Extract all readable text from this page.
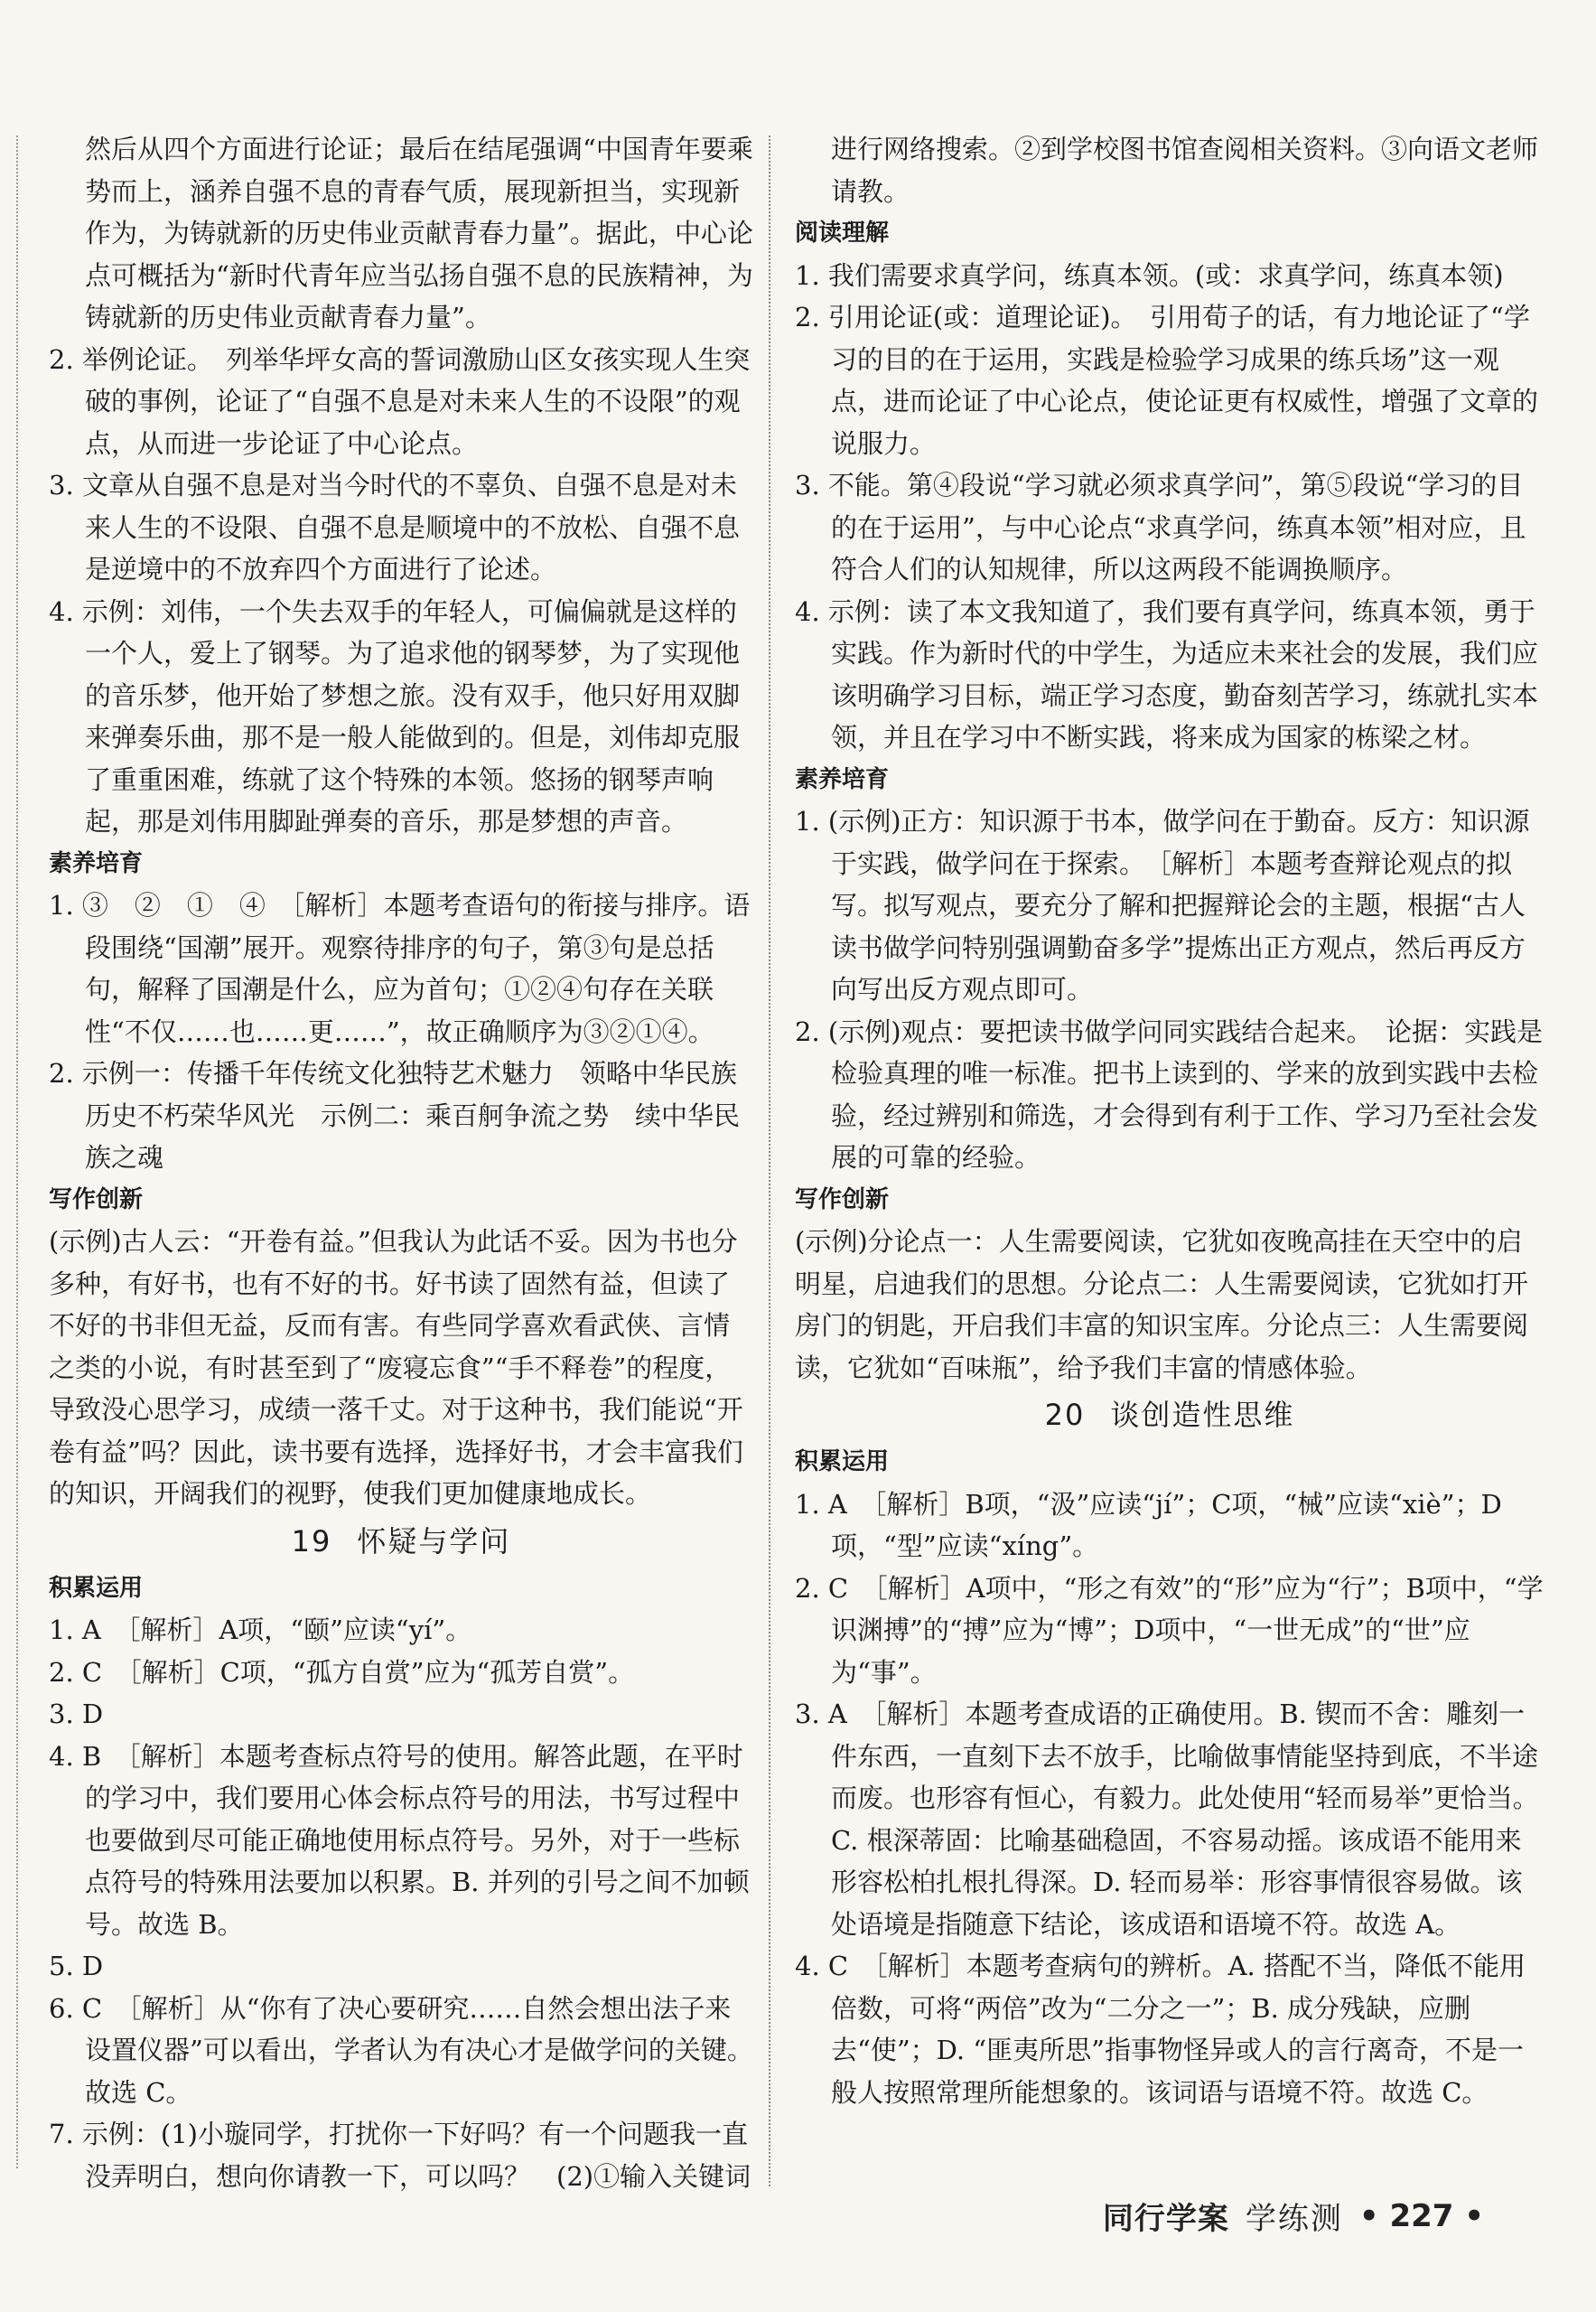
然后从四个方面进行论证；最后在结尾强调“中国青年要乘势而上，涵养自强不息的青春气质，展现新担当，实现新作为，为铸就新的历史伟业贡献青春力量”。据此，中心论点可概括为“新时代青年应当弘扬自强不息的民族精神，为铸就新的历史伟业贡献青春力量”。

2. 举例论证。　列举华坪女高的誓词激励山区女孩实现人生突破的事例，论证了“自强不息是对未来人生的不设限”的观点，从而进一步论证了中心论点。

3. 文章从自强不息是对当今时代的不辜负、自强不息是对未来人生的不设限、自强不息是顺境中的不放松、自强不息是逆境中的不放弃四个方面进行了论述。

4. 示例：刘伟，一个失去双手的年轻人，可偏偏就是这样的一个人，爱上了钢琴。为了追求他的钢琴梦，为了实现他的音乐梦，他开始了梦想之旅。没有双手，他只好用双脚来弹奏乐曲，那不是一般人能做到的。但是，刘伟却克服了重重困难，练就了这个特殊的本领。悠扬的钢琴声响起，那是刘伟用脚趾弹奏的音乐，那是梦想的声音。

素养培育

1. ③　②　①　④　［解析］本题考查语句的衔接与排序。语段围绕“国潮”展开。观察待排序的句子，第③句是总括句，解释了国潮是什么，应为首句；①②④句存在关联性“不仅……也……更……”，故正确顺序为③②①④。

2. 示例一：传播千年传统文化独特艺术魅力　领略中华民族历史不朽荣华风光　示例二：乘百舸争流之势　续中华民族之魂

写作创新

(示例)古人云：“开卷有益。”但我认为此话不妥。因为书也分多种，有好书，也有不好的书。好书读了固然有益，但读了不好的书非但无益，反而有害。有些同学喜欢看武侠、言情之类的小说，有时甚至到了“废寝忘食”“手不释卷”的程度，导致没心思学习，成绩一落千丈。对于这种书，我们能说“开卷有益”吗？因此，读书要有选择，选择好书，才会丰富我们的知识，开阔我们的视野，使我们更加健康地成长。

19 怀疑与学问

积累运用

1. A　［解析］A项，“颐”应读“yí”。

2. C　［解析］C项，“孤方自赏”应为“孤芳自赏”。

3. D

4. B　［解析］本题考查标点符号的使用。解答此题，在平时的学习中，我们要用心体会标点符号的用法，书写过程中也要做到尽可能正确地使用标点符号。另外，对于一些标点符号的特殊用法要加以积累。B. 并列的引号之间不加顿号。故选 B。

5. D

6. C　［解析］从“你有了决心要研究……自然会想出法子来设置仪器”可以看出，学者认为有决心才是做学问的关键。故选 C。

7. 示例：(1)小璇同学，打扰你一下好吗？有一个问题我一直没弄明白，想向你请教一下，可以吗？　(2)①输入关键词

进行网络搜索。②到学校图书馆查阅相关资料。③向语文老师请教。

阅读理解

1. 我们需要求真学问，练真本领。(或：求真学问，练真本领)

2. 引用论证(或：道理论证)。　引用荀子的话，有力地论证了“学习的目的在于运用，实践是检验学习成果的练兵场”这一观点，进而论证了中心论点，使论证更有权威性，增强了文章的说服力。

3. 不能。第④段说“学习就必须求真学问”，第⑤段说“学习的目的在于运用”，与中心论点“求真学问，练真本领”相对应，且符合人们的认知规律，所以这两段不能调换顺序。

4. 示例：读了本文我知道了，我们要有真学问，练真本领，勇于实践。作为新时代的中学生，为适应未来社会的发展，我们应该明确学习目标，端正学习态度，勤奋刻苦学习，练就扎实本领，并且在学习中不断实践，将来成为国家的栋梁之材。

素养培育

1. (示例)正方：知识源于书本，做学问在于勤奋。反方：知识源于实践，做学问在于探索。　［解析］本题考查辩论观点的拟写。拟写观点，要充分了解和把握辩论会的主题，根据“古人读书做学问特别强调勤奋多学”提炼出正方观点，然后再反方向写出反方观点即可。

2. (示例)观点：要把读书做学问同实践结合起来。　论据：实践是检验真理的唯一标准。把书上读到的、学来的放到实践中去检验，经过辨别和筛选，才会得到有利于工作、学习乃至社会发展的可靠的经验。

写作创新

(示例)分论点一：人生需要阅读，它犹如夜晚高挂在天空中的启明星，启迪我们的思想。分论点二：人生需要阅读，它犹如打开房门的钥匙，开启我们丰富的知识宝库。分论点三：人生需要阅读，它犹如“百味瓶”，给予我们丰富的情感体验。

20 谈创造性思维

积累运用

1. A　［解析］B项，“汲”应读“jí”；C项，“械”应读“xiè”；D项，“型”应读“xíng”。

2. C　［解析］A项中，“形之有效”的“形”应为“行”；B项中，“学识渊搏”的“搏”应为“博”；D项中，“一世无成”的“世”应为“事”。

3. A　［解析］本题考查成语的正确使用。B. 锲而不舍：雕刻一件东西，一直刻下去不放手，比喻做事情能坚持到底，不半途而废。也形容有恒心，有毅力。此处使用“轻而易举”更恰当。C. 根深蒂固：比喻基础稳固，不容易动摇。该成语不能用来形容松柏扎根扎得深。D. 轻而易举：形容事情很容易做。该处语境是指随意下结论，该成语和语境不符。故选 A。

4. C　［解析］本题考查病句的辨析。A. 搭配不当，降低不能用倍数，可将“两倍”改为“二分之一”；B. 成分残缺，应删去“使”；D. “匪夷所思”指事物怪异或人的言行离奇，不是一般人按照常理所能想象的。该词语与语境不符。故选 C。

同行学案 学练测 • 227 •
